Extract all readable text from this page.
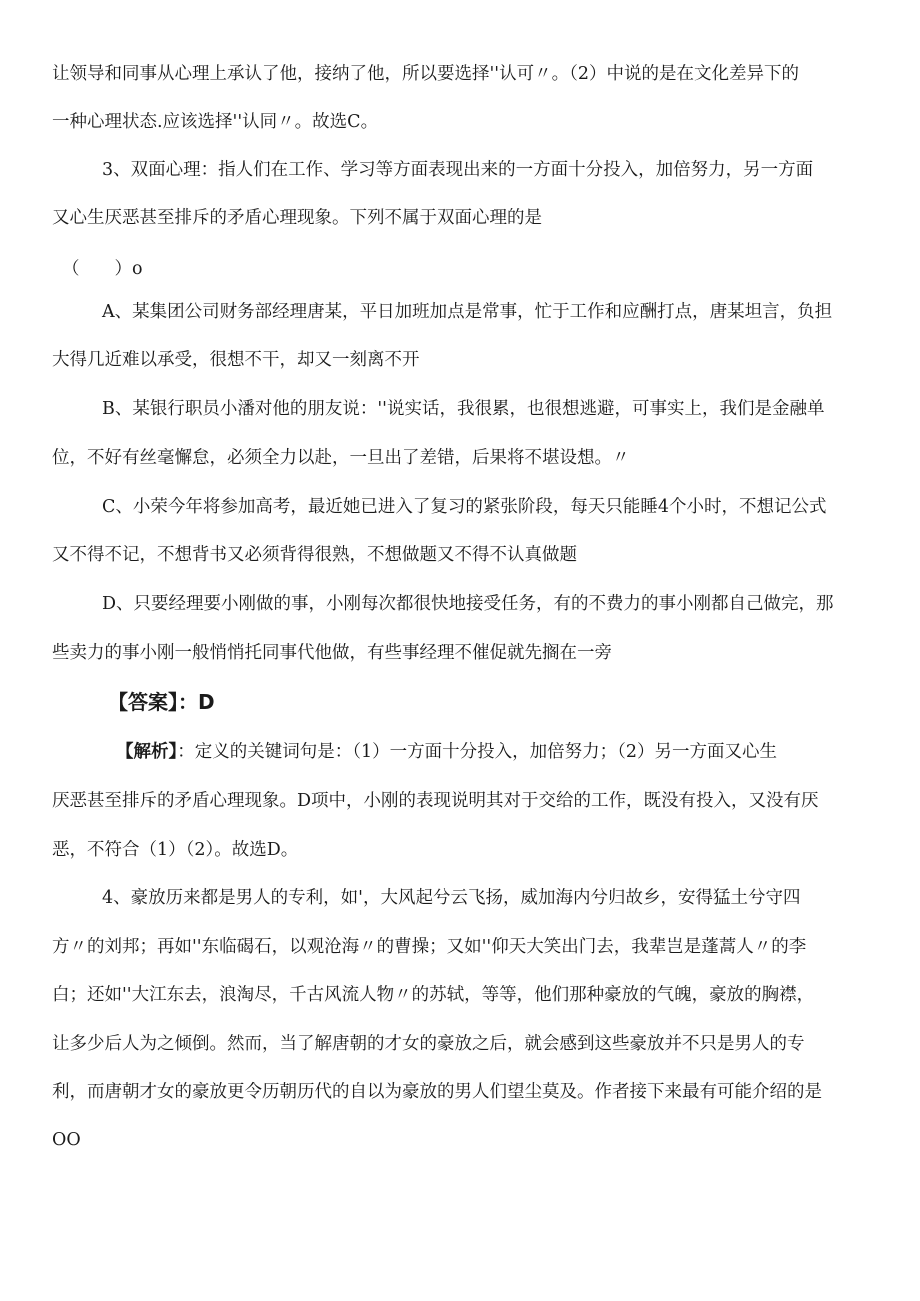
让领导和同事从心理上承认了他，接纳了他，所以要选择''认可〃。（2）中说的是在文化差异下的
一种心理状态.应该选择''认同〃。故选C。
3、双面心理：指人们在工作、学习等方面表现出来的一方面十分投入，加倍努力，另一方面
又心生厌恶甚至排斥的矛盾心理现象。下列不属于双面心理的是
（　　）o
A、某集团公司财务部经理唐某，平日加班加点是常事，忙于工作和应酬打点，唐某坦言，负担
大得几近难以承受，很想不干，却又一刻离不开
B、某银行职员小潘对他的朋友说：''说实话，我很累，也很想逃避，可事实上，我们是金融单
位，不好有丝毫懈怠，必须全力以赴，一旦出了差错，后果将不堪设想。〃
C、小荣今年将参加高考，最近她已进入了复习的紧张阶段，每天只能睡4个小时，不想记公式
又不得不记，不想背书又必须背得很熟，不想做题又不得不认真做题
D、只要经理要小刚做的事，小刚每次都很快地接受任务，有的不费力的事小刚都自己做完，那
些卖力的事小刚一般悄悄托同事代他做，有些事经理不催促就先搁在一旁
【答案】：D
【解析】：定义的关键词句是：（1）一方面十分投入，加倍努力；（2）另一方面又心生
厌恶甚至排斥的矛盾心理现象。D项中，小刚的表现说明其对于交给的工作，既没有投入，又没有厌
恶，不符合（1）（2）。故选D。
4、豪放历来都是男人的专利，如'，大风起兮云飞扬，威加海内兮归故乡，安得猛土兮守四
方〃的刘邦；再如''东临碣石，以观沧海〃的曹操；又如''仰天大笑出门去，我辈岂是蓬蒿人〃的李
白；还如''大江东去，浪淘尽，千古风流人物〃的苏轼，等等，他们那种豪放的气魄，豪放的胸襟，
让多少后人为之倾倒。然而，当了解唐朝的才女的豪放之后，就会感到这些豪放并不只是男人的专
利，而唐朝才女的豪放更令历朝历代的自以为豪放的男人们望尘莫及。作者接下来最有可能介绍的是
OO
